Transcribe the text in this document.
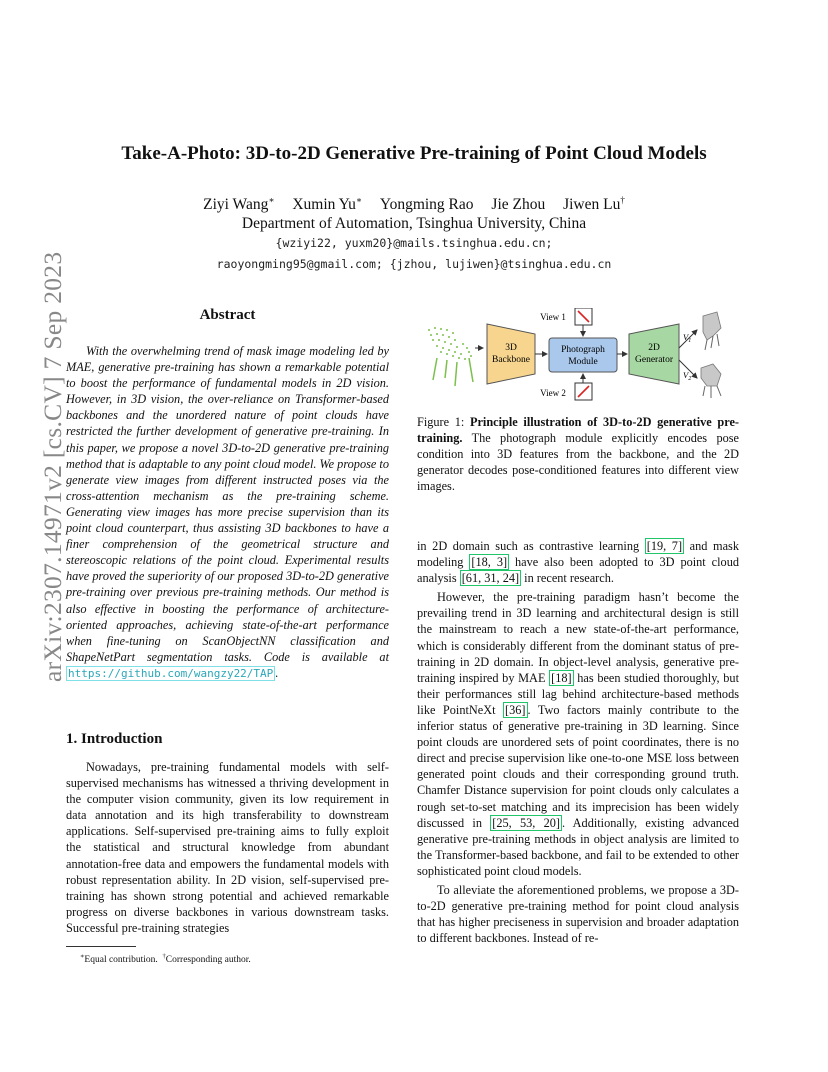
arXiv:2307.14971v2 [cs.CV] 7 Sep 2023
Take-A-Photo: 3D-to-2D Generative Pre-training of Point Cloud Models
Ziyi Wang∗ Xumin Yu∗ Yongming Rao Jie Zhou Jiwen Lu†
Department of Automation, Tsinghua University, China
{wziyi22, yuxm20}@mails.tsinghua.edu.cn;
raoyongming95@gmail.com; {jzhou, lujiwen}@tsinghua.edu.cn
Abstract
With the overwhelming trend of mask image modeling led by MAE, generative pre-training has shown a remarkable potential to boost the performance of fundamental models in 2D vision. However, in 3D vision, the over-reliance on Transformer-based backbones and the unordered nature of point clouds have restricted the further development of generative pre-training. In this paper, we propose a novel 3D-to-2D generative pre-training method that is adaptable to any point cloud model. We propose to generate view images from different instructed poses via the cross-attention mechanism as the pre-training scheme. Generating view images has more precise supervision than its point cloud counterpart, thus assisting 3D backbones to have a finer comprehension of the geometrical structure and stereoscopic relations of the point cloud. Experimental results have proved the superiority of our proposed 3D-to-2D generative pre-training over previous pre-training methods. Our method is also effective in boosting the performance of architecture-oriented approaches, achieving state-of-the-art performance when fine-tuning on ScanObjectNN classification and ShapeNetPart segmentation tasks. Code is available at https://github.com/wangzy22/TAP .
1. Introduction
Nowadays, pre-training fundamental models with self-supervised mechanisms has witnessed a thriving development in the computer vision community, given its low requirement in data annotation and its high transferability to downstream applications. Self-supervised pre-training aims to fully exploit the statistical and structural knowledge from abundant annotation-free data and empowers the fundamental models with robust representation ability. In 2D vision, self-supervised pre-training has shown strong potential and achieved remarkable progress on diverse backbones in various downstream tasks. Successful pre-training strategies
∗Equal contribution. †Corresponding author.
3D
Backbone
Photograph
Module
View 1
View 2
2D
Generator
$V_1$
$V_2$
Figure 1: Principle illustration of 3D-to-2D generative pre-training. The photograph module explicitly encodes pose condition into 3D features from the backbone, and the 2D generator decodes pose-conditioned features into different view images.

in 2D domain such as contrastive learning [19, 7] and mask modeling [18, 3] have also been adopted to 3D point cloud analysis [61, 31, 24] in recent research.

However, the pre-training paradigm hasn’t become the prevailing trend in 3D learning and architectural design is still the mainstream to reach a new state-of-the-art performance, which is considerably different from the dominant status of pre-training in 2D domain. In object-level analysis, generative pre-training inspired by MAE [18] has been studied thoroughly, but their performances still lag behind architecture-based methods like PointNeXt [36] . Two factors mainly contribute to the inferior status of generative pre-training in 3D learning. Since point clouds are unordered sets of point coordinates, there is no direct and precise supervision like one-to-one MSE loss between generated point clouds and their corresponding ground truth. Chamfer Distance supervision for point clouds only calculates a rough set-to-set matching and its imprecision has been widely discussed in [25, 53, 20] . Additionally, existing advanced generative pre-training methods in object analysis are limited to the Transformer-based backbone, and fail to be extended to other sophisticated point cloud models.

To alleviate the aforementioned problems, we propose a 3D-to-2D generative pre-training method for point cloud analysis that has higher preciseness in supervision and broader adaptation to different backbones. Instead of re-
